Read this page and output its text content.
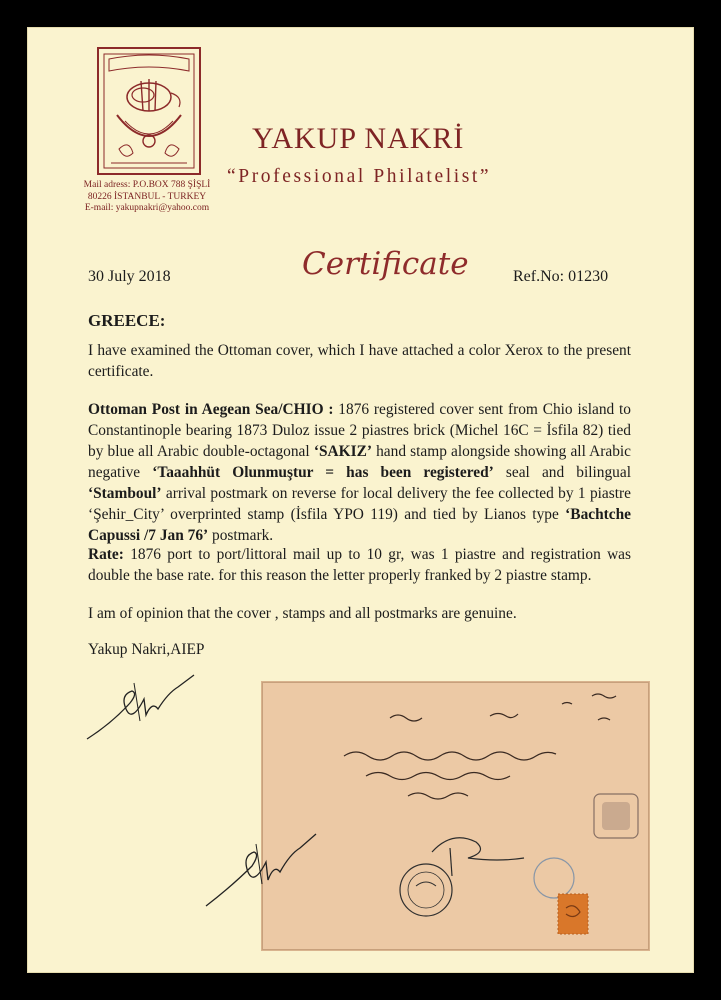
Mail adress: P.O.BOX 788 ŞİŞLİ
80226 İSTANBUL - TURKEY
E-mail: yakupnakri@yahoo.com
YAKUP NAKRİ
“Professional Philatelist”
30 July 2018	Certificate	Ref.No: 01230
GREECE:
I have examined the Ottoman cover, which I have attached a color Xerox to the present certificate.
Ottoman Post in Aegean Sea/CHIO : 1876 registered cover sent from Chio island to Constantinople bearing 1873 Duloz issue 2 piastres brick (Michel 16C = İsfila 82) tied by blue all Arabic double-octagonal ‘SAKIZ’ hand stamp alongside showing all Arabic negative ‘Taaahhüt Olunmuştur = has been registered’ seal and bilingual ‘Stamboul’ arrival postmark on reverse for local delivery the fee collected by 1 piastre ‘Şehir_City’ overprinted stamp (İsfila YPO 119) and tied by Lianos type ‘Bachtche Capussi /7 Jan 76’ postmark.
Rate: 1876 port to port/littoral mail up to 10 gr, was 1 piastre and registration was double the base rate. for this reason the letter properly franked by 2 piastre stamp.
I am of opinion that the cover , stamps and all postmarks are genuine.
Yakup Nakri,AIEP
